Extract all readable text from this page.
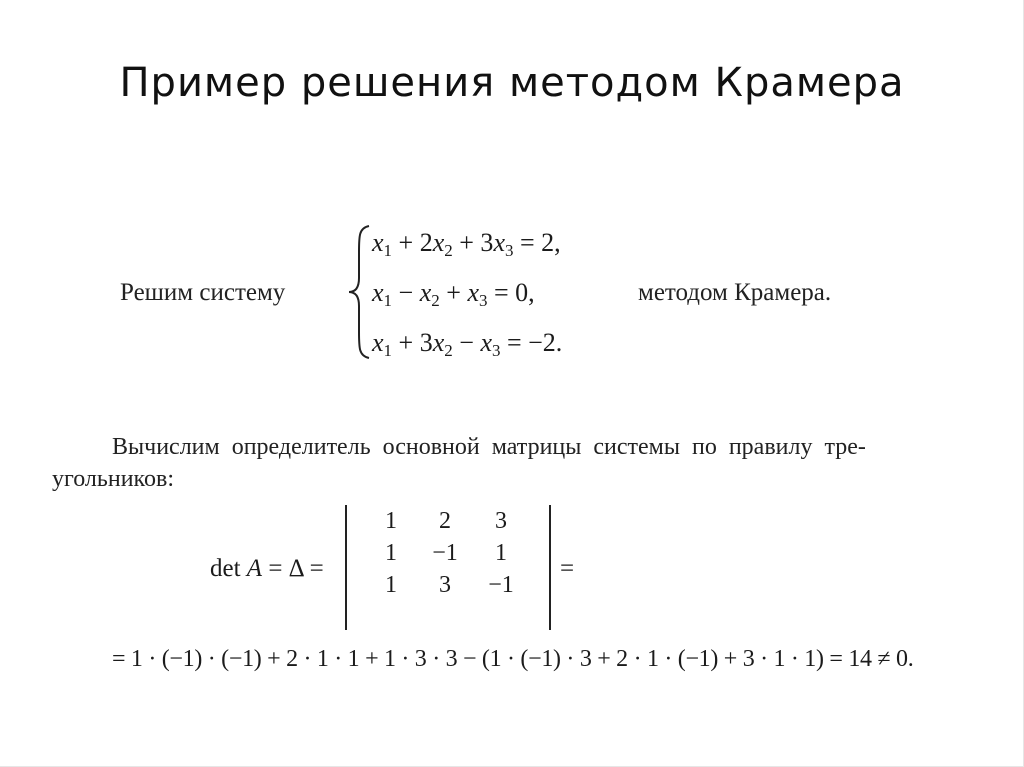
Пример решения методом Крамера
Решим систему
$x_1 + 2x_2 + 3x_3 = 2$,
$x_1 - x_2 + x_3 = 0$,
$x_1 + 3x_2 - x_3 = -2$.
методом Крамера.
Вычислим определитель основной матрицы системы по правилу тре-
угольников:
det A = Δ =
1	2	3
1	−1	1
1	3	−1
=
= 1 · (−1) · (−1) + 2 · 1 · 1 + 1 · 3 · 3 − (1 · (−1) · 3 + 2 · 1 · (−1) + 3 · 1 · 1) = 14 ≠ 0.
